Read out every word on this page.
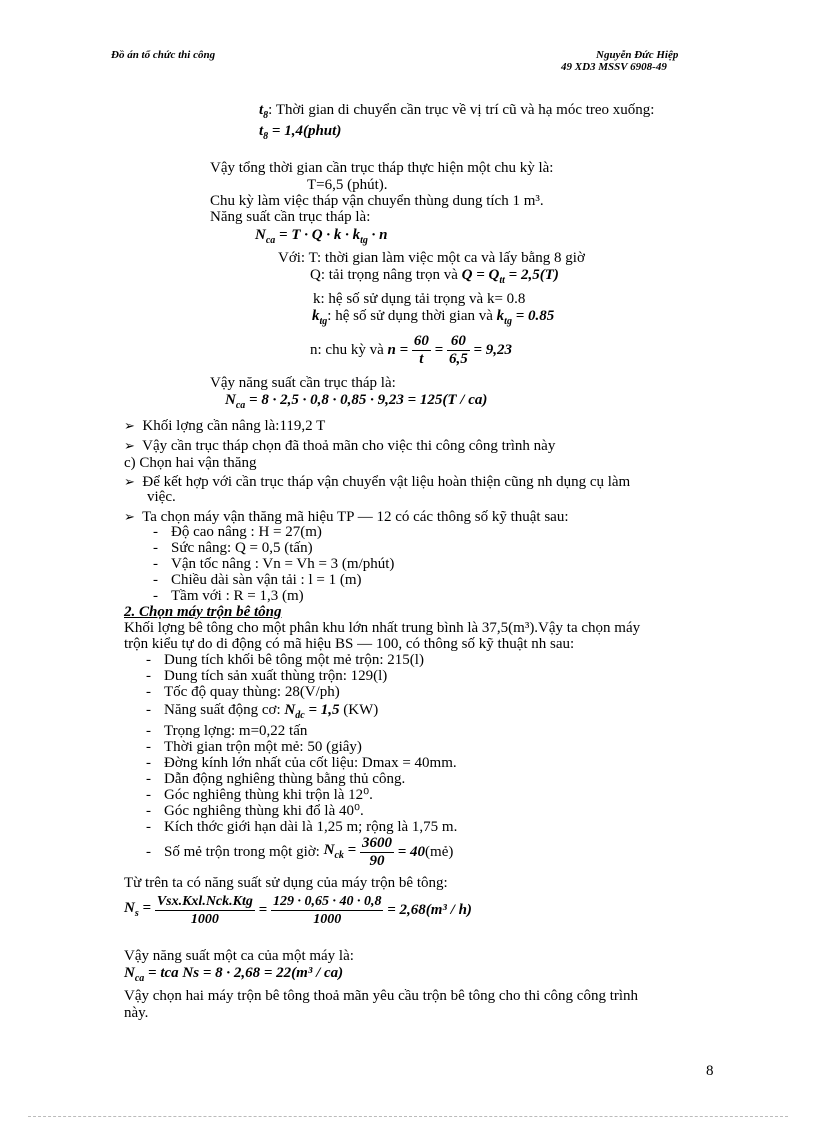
Đồ án tổ chức thi công	Nguyễn Đức Hiệp
49 XD3 MSSV 6908-49
$t_8$: Thời gian di chuyển cần trục về vị trí cũ và hạ móc treo xuống:
$t_8$ = 1,4(phut)
Vậy tổng thời gian cần trục tháp thực hiện một chu kỳ là:
T=6,5 (phút).
Chu kỳ làm việc tháp vận chuyển thùng dung tích 1 m³.
Năng suất cần trục tháp là:
$N_{ca} = T \cdot Q \cdot k \cdot k_{tg} \cdot n$
Với: T: thời gian làm việc một ca và lấy bằng 8 giờ
Q: tải trọng nâng trọn và $Q = Q_{tt} = 2,5(T)$
k: hệ số sử dụng tải trọng và k= 0.8
$k_{tg}$: hệ số sử dụng thời gian và $k_{tg} = 0.85$
n: chu kỳ và $n = \frac{60}{t} = \frac{60}{6,5} = 9,23$
Vậy năng suất cần trục tháp là:
$N_{ca} = 8 \cdot 2,5 \cdot 0,8 \cdot 0,85 \cdot 9,23 = 125(T / ca)$
➢ Khối lợng cần nâng là:119,2 T
➢ Vậy cần trục tháp chọn đã thoả mãn cho việc thi công công trình này
c) Chọn hai vận thăng
➢ Để kết hợp với cần trục tháp vận chuyển vật liệu hoàn thiện cũng nh dụng cụ làm
việc.
➢ Ta chọn máy vận thăng mã hiệu TP — 12 có các thông số kỹ thuật sau:
- Độ cao nâng : H = 27(m)
- Sức nâng: Q = 0,5 (tấn)
- Vận tốc nâng : Vn = Vh = 3 (m/phút)
- Chiều dài sàn vận tải : l = 1 (m)
- Tầm với : R = 1,3 (m)
2. Chọn máy trộn bê tông
Khối lợng bê tông cho một phân khu lớn nhất trung bình là 37,5(m³).Vậy ta chọn máy
trộn kiểu tự do di động có mã hiệu BS — 100, có thông số kỹ thuật nh sau:
- Dung tích khối bê tông một mẻ trộn: 215(l)
- Dung tích sản xuất thùng trộn: 129(l)
- Tốc độ quay thùng: 28(V/ph)
- Năng suất động cơ: $N_{dc} = 1,5$ (KW)
- Trọng lợng: m=0,22 tấn
- Thời gian trộn một mẻ: 50 (giây)
- Đờng kính lớn nhất của cốt liệu: Dmax = 40mm.
- Dẫn động nghiêng thùng bằng thủ công.
- Góc nghiêng thùng khi trộn là 12⁰.
- Góc nghiêng thùng khi đổ là 40⁰.
- Kích thớc giới hạn dài là 1,25 m; rộng là 1,75 m.
- Số mẻ trộn trong một giờ: $N_{ck} = \frac{3600}{90}$ = 40(mẻ)
Từ trên ta có năng suất sử dụng của máy trộn bê tông:
$N_s = \frac{\text{Vsx.Kxl.Nck.Ktg}}{1000} = \frac{129 \cdot 0,65 \cdot 40 \cdot 0,8}{1000} = 2,68(m^3 / h)$
Vậy năng suất một ca của một máy là:
$N_{ca}$ = tca Ns = 8 · 2,68 = 22(m³ / ca)
Vậy chọn hai máy trộn bê tông thoả mãn yêu cầu trộn bê tông cho thi công công trình
này.
8
